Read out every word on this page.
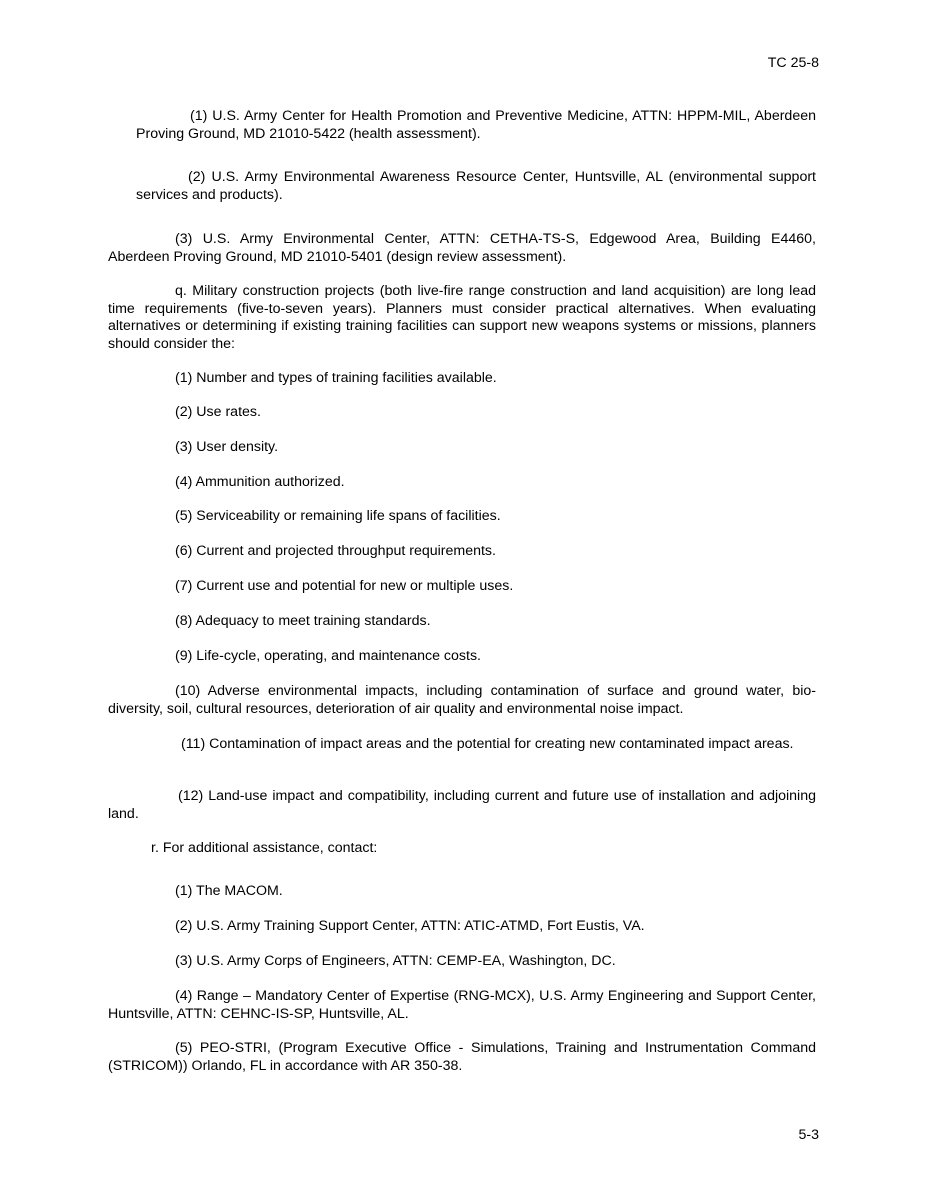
TC 25-8

(1) U.S. Army Center for Health Promotion and Preventive Medicine, ATTN: HPPM-MIL, Aberdeen Proving Ground, MD 21010-5422 (health assessment).

(2) U.S. Army Environmental Awareness Resource Center, Huntsville, AL (environmental support services and products).

(3) U.S. Army Environmental Center, ATTN: CETHA-TS-S, Edgewood Area, Building E4460, Aberdeen Proving Ground, MD 21010-5401 (design review assessment).

q. Military construction projects (both live-fire range construction and land acquisition) are long lead time requirements (five-to-seven years). Planners must consider practical alternatives. When evaluating alternatives or determining if existing training facilities can support new weapons systems or missions, planners should consider the:

(1) Number and types of training facilities available.

(2) Use rates.

(3) User density.

(4) Ammunition authorized.

(5) Serviceability or remaining life spans of facilities.

(6) Current and projected throughput requirements.

(7) Current use and potential for new or multiple uses.

(8) Adequacy to meet training standards.

(9) Life-cycle, operating, and maintenance costs.

(10) Adverse environmental impacts, including contamination of surface and ground water, bio-diversity, soil, cultural resources, deterioration of air quality and environmental noise impact.

(11) Contamination of impact areas and the potential for creating new contaminated impact areas.

(12) Land-use impact and compatibility, including current and future use of installation and adjoining land.

r. For additional assistance, contact:

(1) The MACOM.

(2) U.S. Army Training Support Center, ATTN: ATIC-ATMD, Fort Eustis, VA.

(3) U.S. Army Corps of Engineers, ATTN: CEMP-EA, Washington, DC.

(4) Range – Mandatory Center of Expertise (RNG-MCX), U.S. Army Engineering and Support Center, Huntsville, ATTN: CEHNC-IS-SP, Huntsville, AL.

(5) PEO-STRI, (Program Executive Office - Simulations, Training and Instrumentation Command (STRICOM)) Orlando, FL in accordance with AR 350-38.

5-3
